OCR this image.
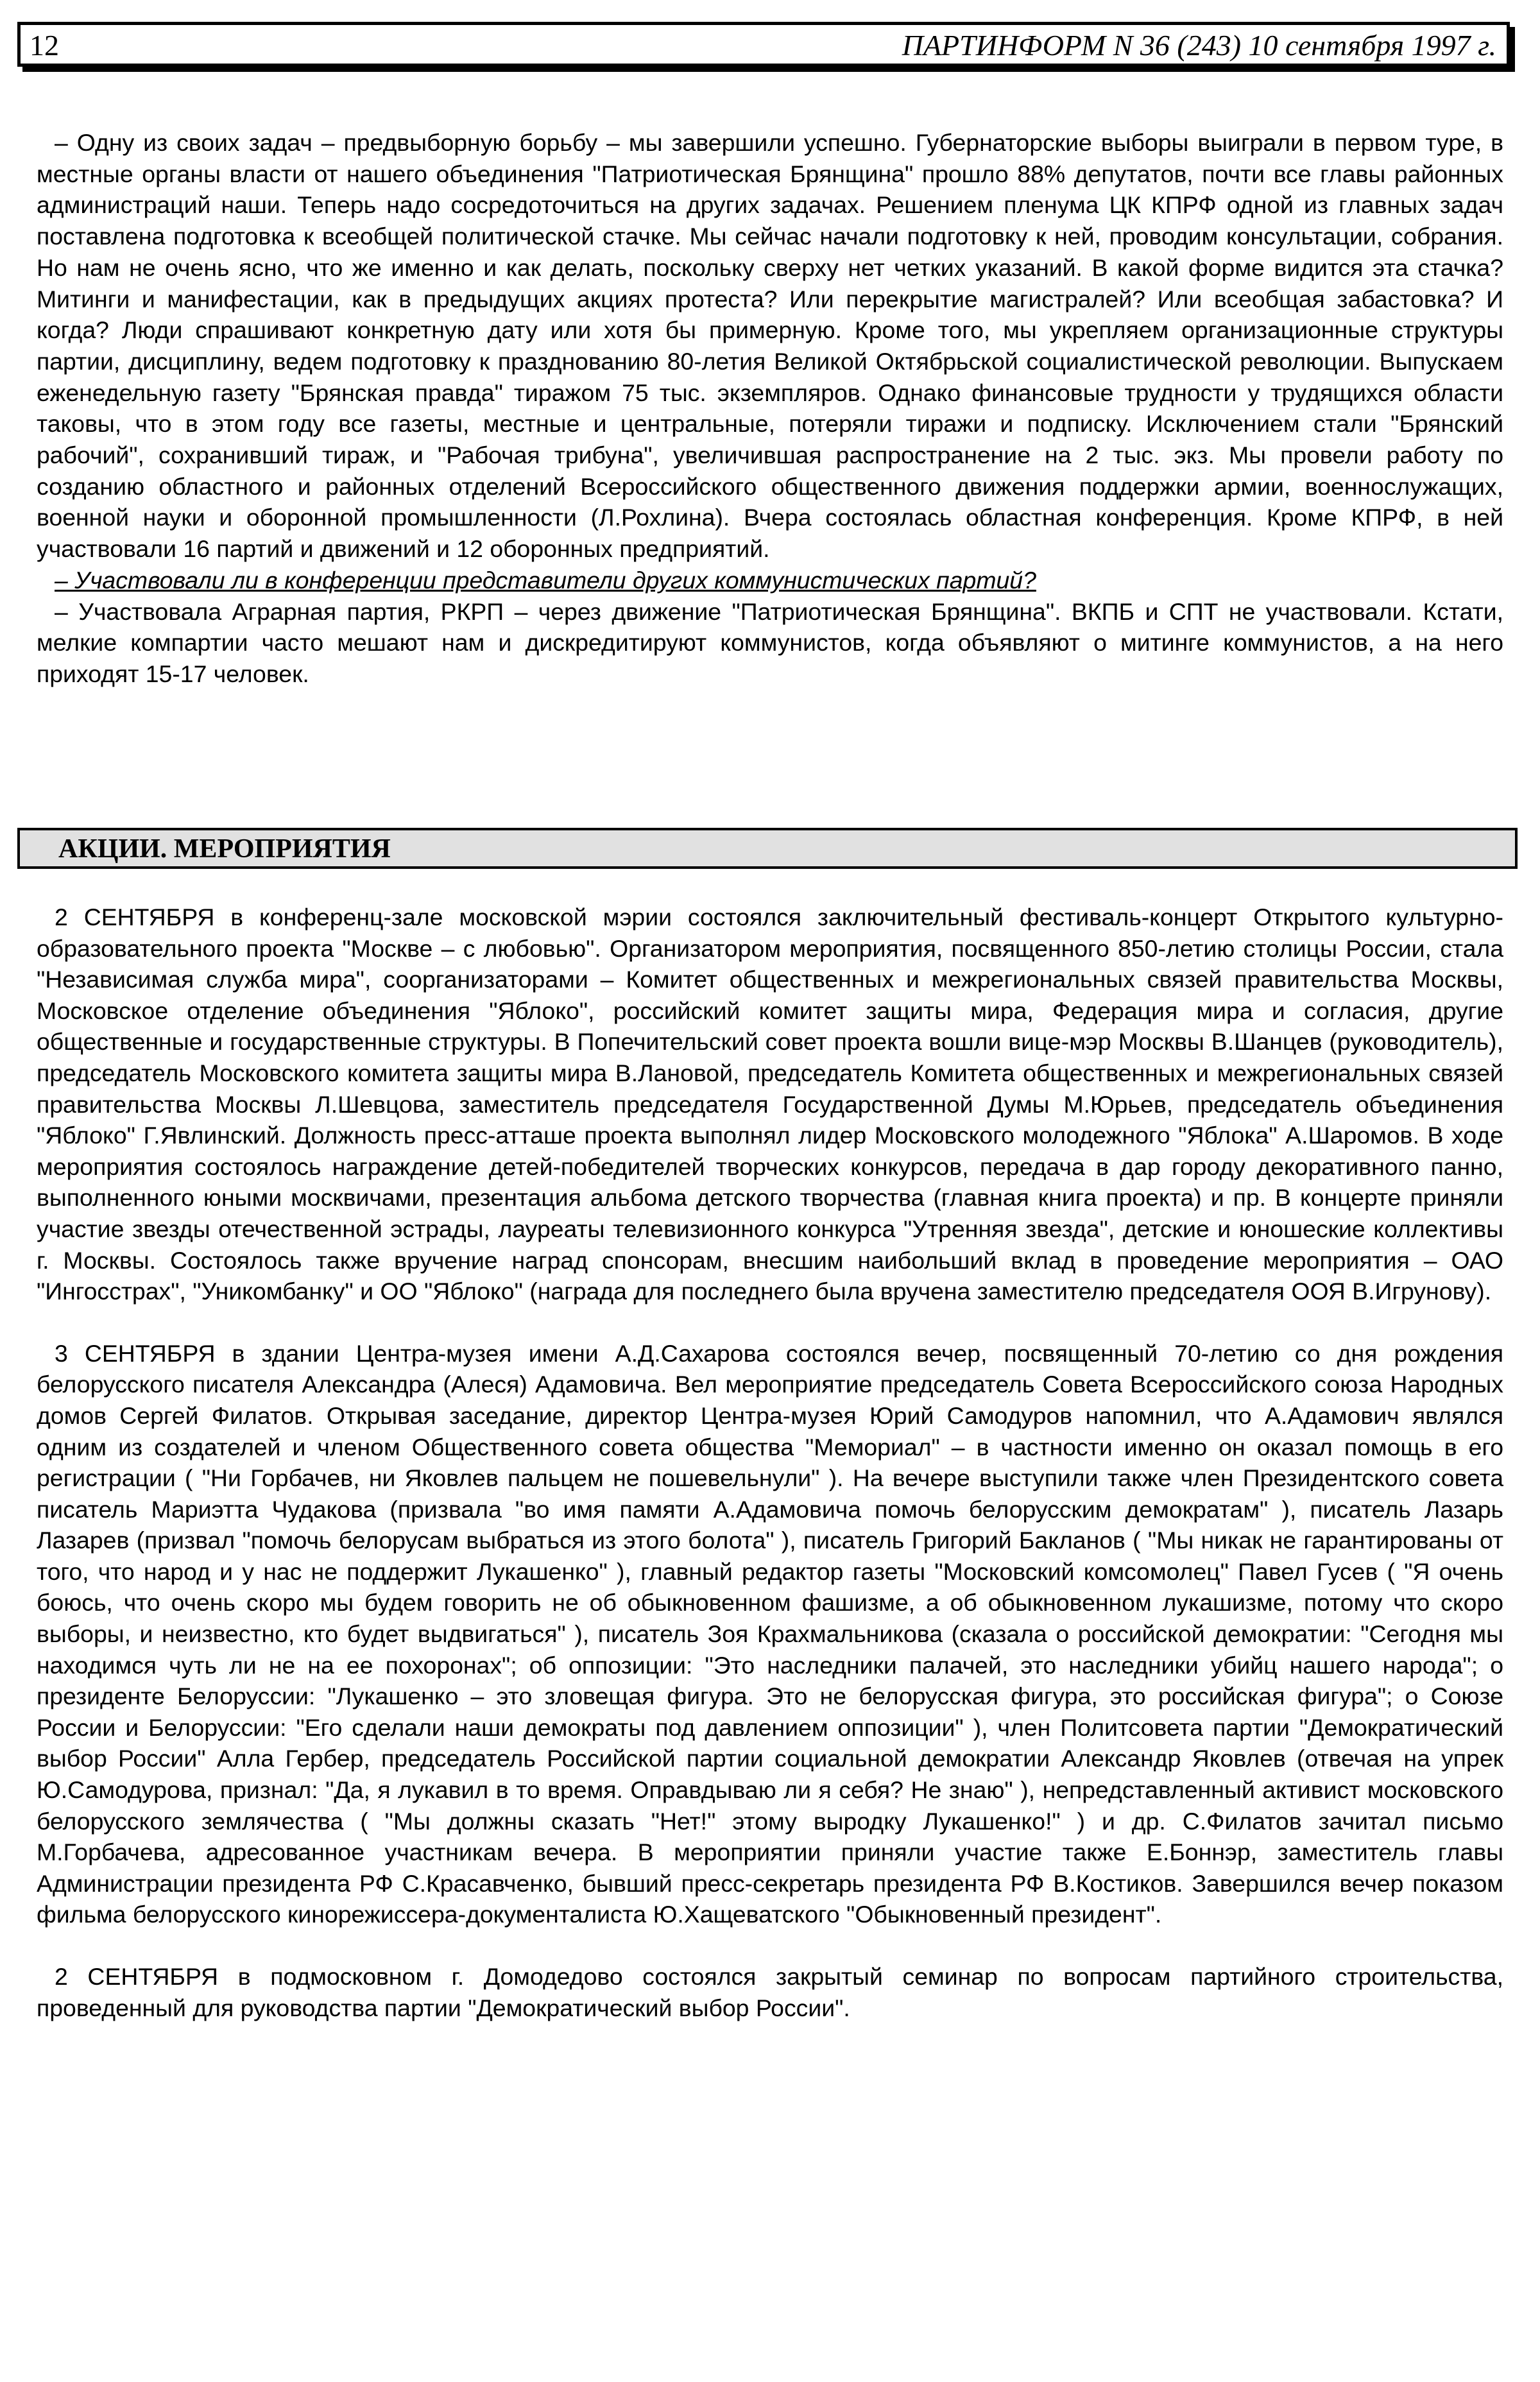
12	ПАРТИНФОРМ N 36 (243) 10 сентября 1997 г.

– Одну из своих задач – предвыборную борьбу – мы завершили успешно. Губернаторские выборы выиграли в первом туре, в местные органы власти от нашего объединения "Патриотическая Брянщина" прошло 88% депутатов, почти все главы районных администраций наши. Теперь надо сосредоточиться на других задачах. Решением пленума ЦК КПРФ одной из главных задач поставлена подготовка к всеобщей политической стачке. Мы сейчас начали подготовку к ней, проводим консультации, собрания. Но нам не очень ясно, что же именно и как делать, поскольку сверху нет четких указаний. В какой форме видится эта стачка? Митинги и манифестации, как в предыдущих акциях протеста? Или перекрытие магистралей? Или всеобщая забастовка? И когда? Люди спрашивают конкретную дату или хотя бы примерную. Кроме того, мы укрепляем организационные структуры партии, дисциплину, ведем подготовку к празднованию 80-летия Великой Октябрьской социалистической революции. Выпускаем еженедельную газету "Брянская правда" тиражом 75 тыс. экземпляров. Однако финансовые трудности у трудящихся области таковы, что в этом году все газеты, местные и центральные, потеряли тиражи и подписку. Исключением стали "Брянский рабочий", сохранивший тираж, и "Рабочая трибуна", увеличившая распространение на 2 тыс. экз. Мы провели работу по созданию областного и районных отделений Всероссийского общественного движения поддержки армии, военнослужащих, военной науки и оборонной промышленности (Л.Рохлина). Вчера состоялась областная конференция. Кроме КПРФ, в ней участвовали 16 партий и движений и 12 оборонных предприятий.

– Участвовали ли в конференции представители других коммунистических партий?

– Участвовала Аграрная партия, РКРП – через движение "Патриотическая Брянщина". ВКПБ и СПТ не участвовали. Кстати, мелкие компартии часто мешают нам и дискредитируют коммунистов, когда объявляют о митинге коммунистов, а на него приходят 15-17 человек.

АКЦИИ. МЕРОПРИЯТИЯ

2 СЕНТЯБРЯ в конференц-зале московской мэрии состоялся заключительный фестиваль-концерт Открытого культурно-образовательного проекта "Москве – с любовью". Организатором мероприятия, посвященного 850-летию столицы России, стала "Независимая служба мира", соорганизаторами – Комитет общественных и межрегиональных связей правительства Москвы, Московское отделение объединения "Яблоко", российский комитет защиты мира, Федерация мира и согласия, другие общественные и государственные структуры. В Попечительский совет проекта вошли вице-мэр Москвы В.Шанцев (руководитель), председатель Московского комитета защиты мира В.Лановой, председатель Комитета общественных и межрегиональных связей правительства Москвы Л.Шевцова, заместитель председателя Государственной Думы М.Юрьев, председатель объединения "Яблоко" Г.Явлинский. Должность пресс-атташе проекта выполнял лидер Московского молодежного "Яблока" А.Шаромов. В ходе мероприятия состоялось награждение детей-победителей творческих конкурсов, передача в дар городу декоративного панно, выполненного юными москвичами, презентация альбома детского творчества (главная книга проекта) и пр. В концерте приняли участие звезды отечественной эстрады, лауреаты телевизионного конкурса "Утренняя звезда", детские и юношеские коллективы г. Москвы. Состоялось также вручение наград спонсорам, внесшим наибольший вклад в проведение мероприятия – ОАО "Ингосстрах", "Уникомбанку" и ОО "Яблоко" (награда для последнего была вручена заместителю председателя ООЯ В.Игрунову).

3 СЕНТЯБРЯ в здании Центра-музея имени А.Д.Сахарова состоялся вечер, посвященный 70-летию со дня рождения белорусского писателя Александра (Алеся) Адамовича. Вел мероприятие председатель Совета Всероссийского союза Народных домов Сергей Филатов. Открывая заседание, директор Центра-музея Юрий Самодуров напомнил, что А.Адамович являлся одним из создателей и членом Общественного совета общества "Мемориал" – в частности именно он оказал помощь в его регистрации ( "Ни Горбачев, ни Яковлев пальцем не пошевельнули" ). На вечере выступили также член Президентского совета писатель Мариэтта Чудакова (призвала "во имя памяти А.Адамовича помочь белорусским демократам" ), писатель Лазарь Лазарев (призвал "помочь белорусам выбраться из этого болота" ), писатель Григорий Бакланов ( "Мы никак не гарантированы от того, что народ и у нас не поддержит Лукашенко" ), главный редактор газеты "Московский комсомолец" Павел Гусев ( "Я очень боюсь, что очень скоро мы будем говорить не об обыкновенном фашизме, а об обыкновенном лукашизме, потому что скоро выборы, и неизвестно, кто будет выдвигаться" ), писатель Зоя Крахмальникова (сказала о российской демократии: "Сегодня мы находимся чуть ли не на ее похоронах"; об оппозиции: "Это наследники палачей, это наследники убийц нашего народа"; о президенте Белоруссии: "Лукашенко – это зловещая фигура. Это не белорусская фигура, это российская фигура"; о Союзе России и Белоруссии: "Его сделали наши демократы под давлением оппозиции" ), член Политсовета партии "Демократический выбор России" Алла Гербер, председатель Российской партии социальной демократии Александр Яковлев (отвечая на упрек Ю.Самодурова, признал: "Да, я лукавил в то время. Оправдываю ли я себя? Не знаю" ), непредставленный активист московского белорусского землячества ( "Мы должны сказать "Нет!" этому выродку Лукашенко!" ) и др. С.Филатов зачитал письмо М.Горбачева, адресованное участникам вечера. В мероприятии приняли участие также Е.Боннэр, заместитель главы Администрации президента РФ С.Красавченко, бывший пресс-секретарь президента РФ В.Костиков. Завершился вечер показом фильма белорусского кинорежиссера-документалиста Ю.Хащеватского "Обыкновенный президент".

2 СЕНТЯБРЯ в подмосковном г. Домодедово состоялся закрытый семинар по вопросам партийного строительства, проведенный для руководства партии "Демократический выбор России".
